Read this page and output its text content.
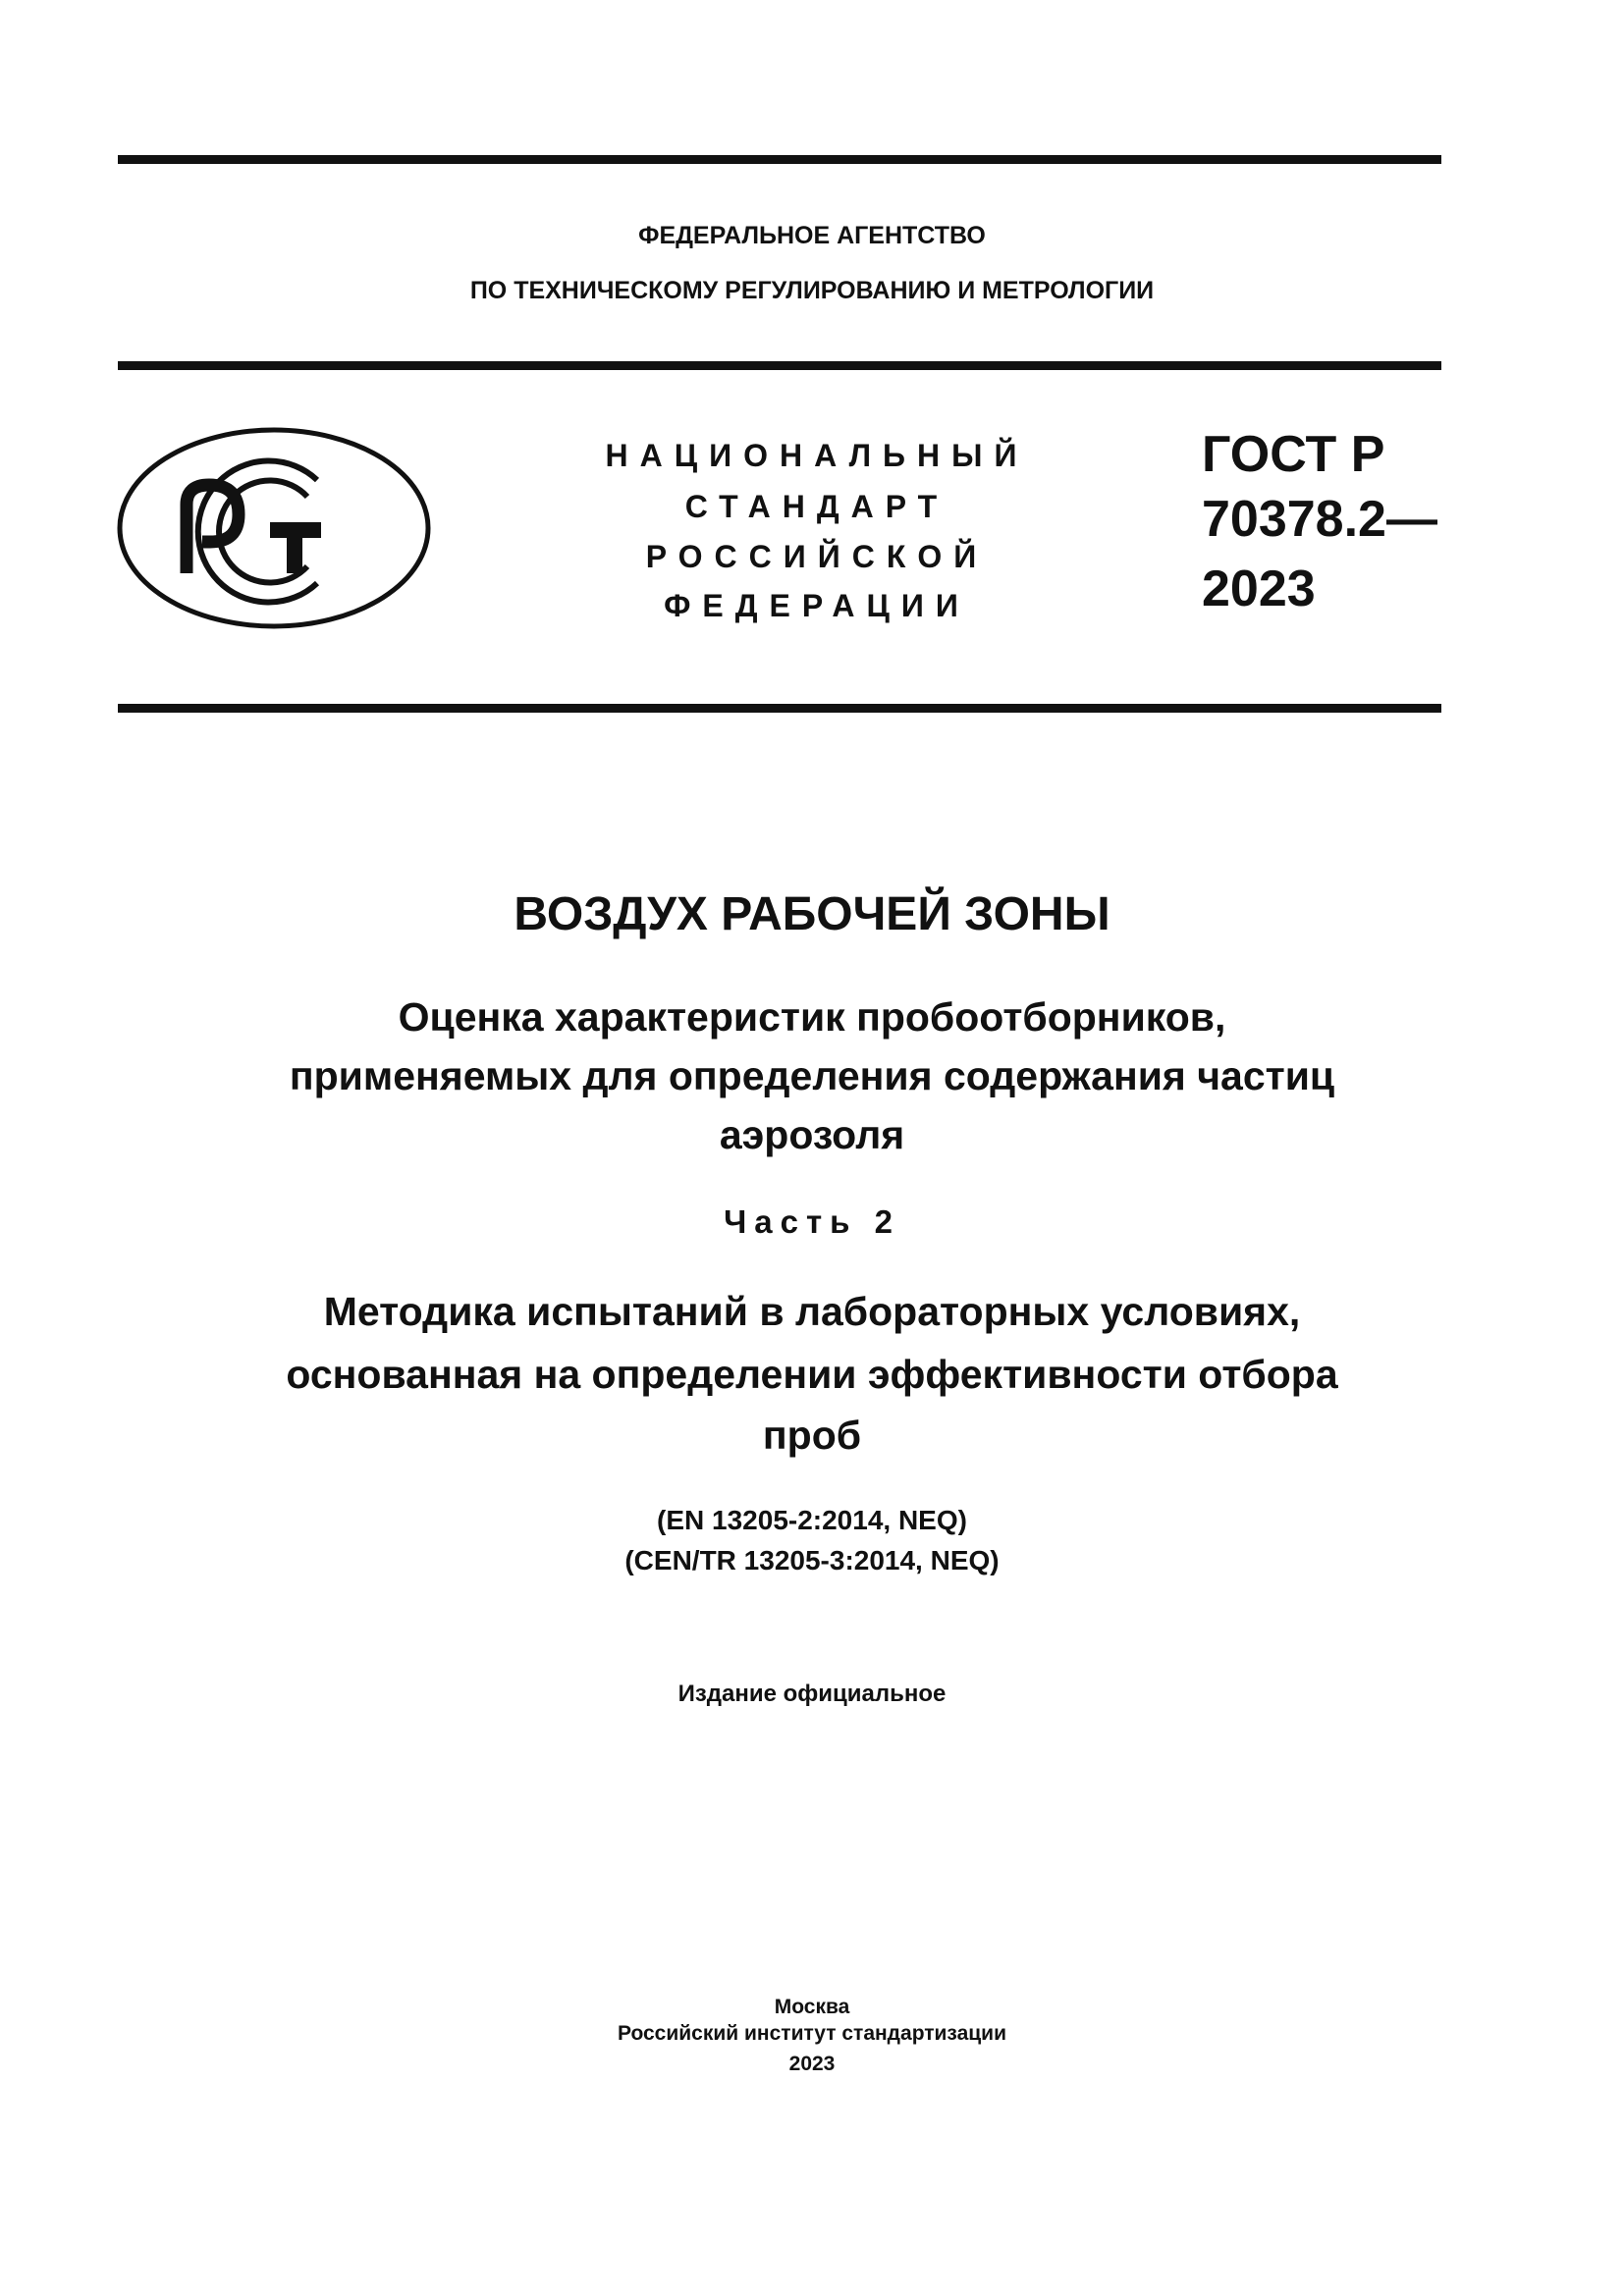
ФЕДЕРАЛЬНОЕ АГЕНТСТВО
ПО ТЕХНИЧЕСКОМУ РЕГУЛИРОВАНИЮ И МЕТРОЛОГИИ
НАЦИОНАЛЬНЫЙ
СТАНДАРТ
РОССИЙСКОЙ
ФЕДЕРАЦИИ
ГОСТ Р
70378.2—
2023
ВОЗДУХ РАБОЧЕЙ ЗОНЫ
Оценка характеристик пробоотборников,
применяемых для определения содержания частиц
аэрозоля
Часть 2
Методика испытаний в лабораторных условиях,
основанная на определении эффективности отбора
проб
(EN 13205-2:2014, NEQ)
(CEN/TR 13205-3:2014, NEQ)
Издание официальное
Москва
Российский институт стандартизации
2023
